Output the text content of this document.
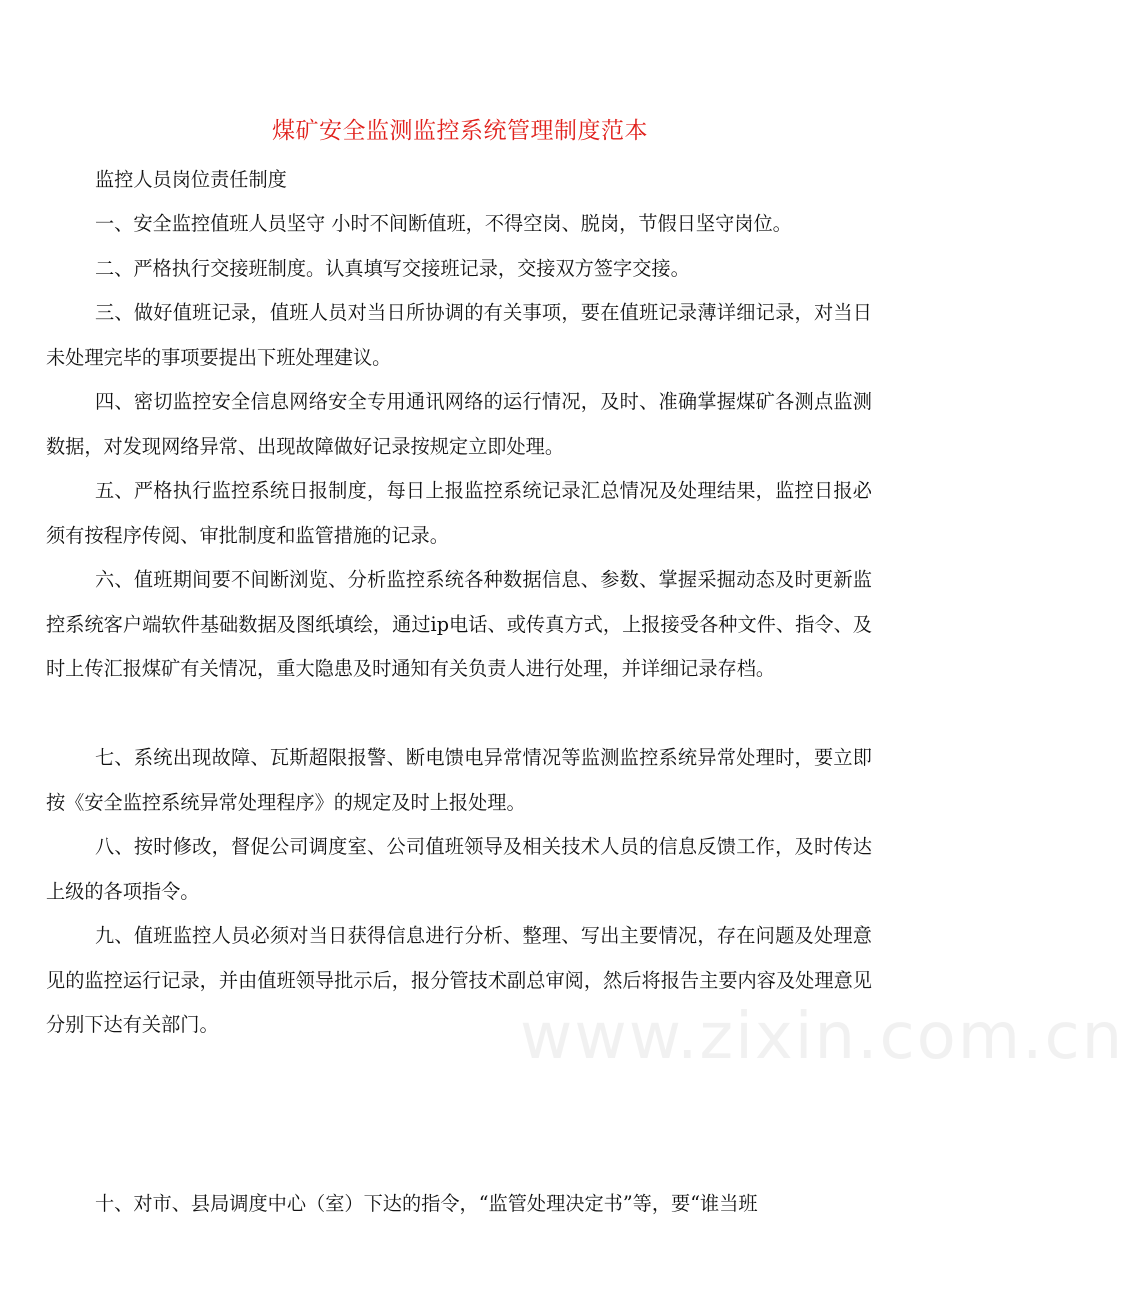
煤矿安全监测监控系统管理制度范本

监控人员岗位责任制度

一、安全监控值班人员坚守 小时不间断值班，不得空岗、脱岗，节假日坚守岗位。

二、严格执行交接班制度。认真填写交接班记录，交接双方签字交接。

三、做好值班记录，值班人员对当日所协调的有关事项，要在值班记录薄详细记录，对当日未处理完毕的事项要提出下班处理建议。

四、密切监控安全信息网络安全专用通讯网络的运行情况，及时、准确掌握煤矿各测点监测数据，对发现网络异常、出现故障做好记录按规定立即处理。

五、严格执行监控系统日报制度，每日上报监控系统记录汇总情况及处理结果，监控日报必须有按程序传阅、审批制度和监管措施的记录。

六、值班期间要不间断浏览、分析监控系统各种数据信息、参数、掌握采掘动态及时更新监控系统客户端软件基础数据及图纸填绘，通过ip电话、或传真方式，上报接受各种文件、指令、及时上传汇报煤矿有关情况，重大隐患及时通知有关负责人进行处理，并详细记录存档。

七、系统出现故障、瓦斯超限报警、断电馈电异常情况等监测监控系统异常处理时，要立即按《安全监控系统异常处理程序》的规定及时上报处理。

八、按时修改，督促公司调度室、公司值班领导及相关技术人员的信息反馈工作，及时传达上级的各项指令。

九、值班监控人员必须对当日获得信息进行分析、整理、写出主要情况，存在问题及处理意见的监控运行记录，并由值班领导批示后，报分管技术副总审阅，然后将报告主要内容及处理意见分别下达有关部门。	www.zixin.com.cn

十、对市、县局调度中心（室）下达的指令，“监管处理决定书”等，要“谁当班
